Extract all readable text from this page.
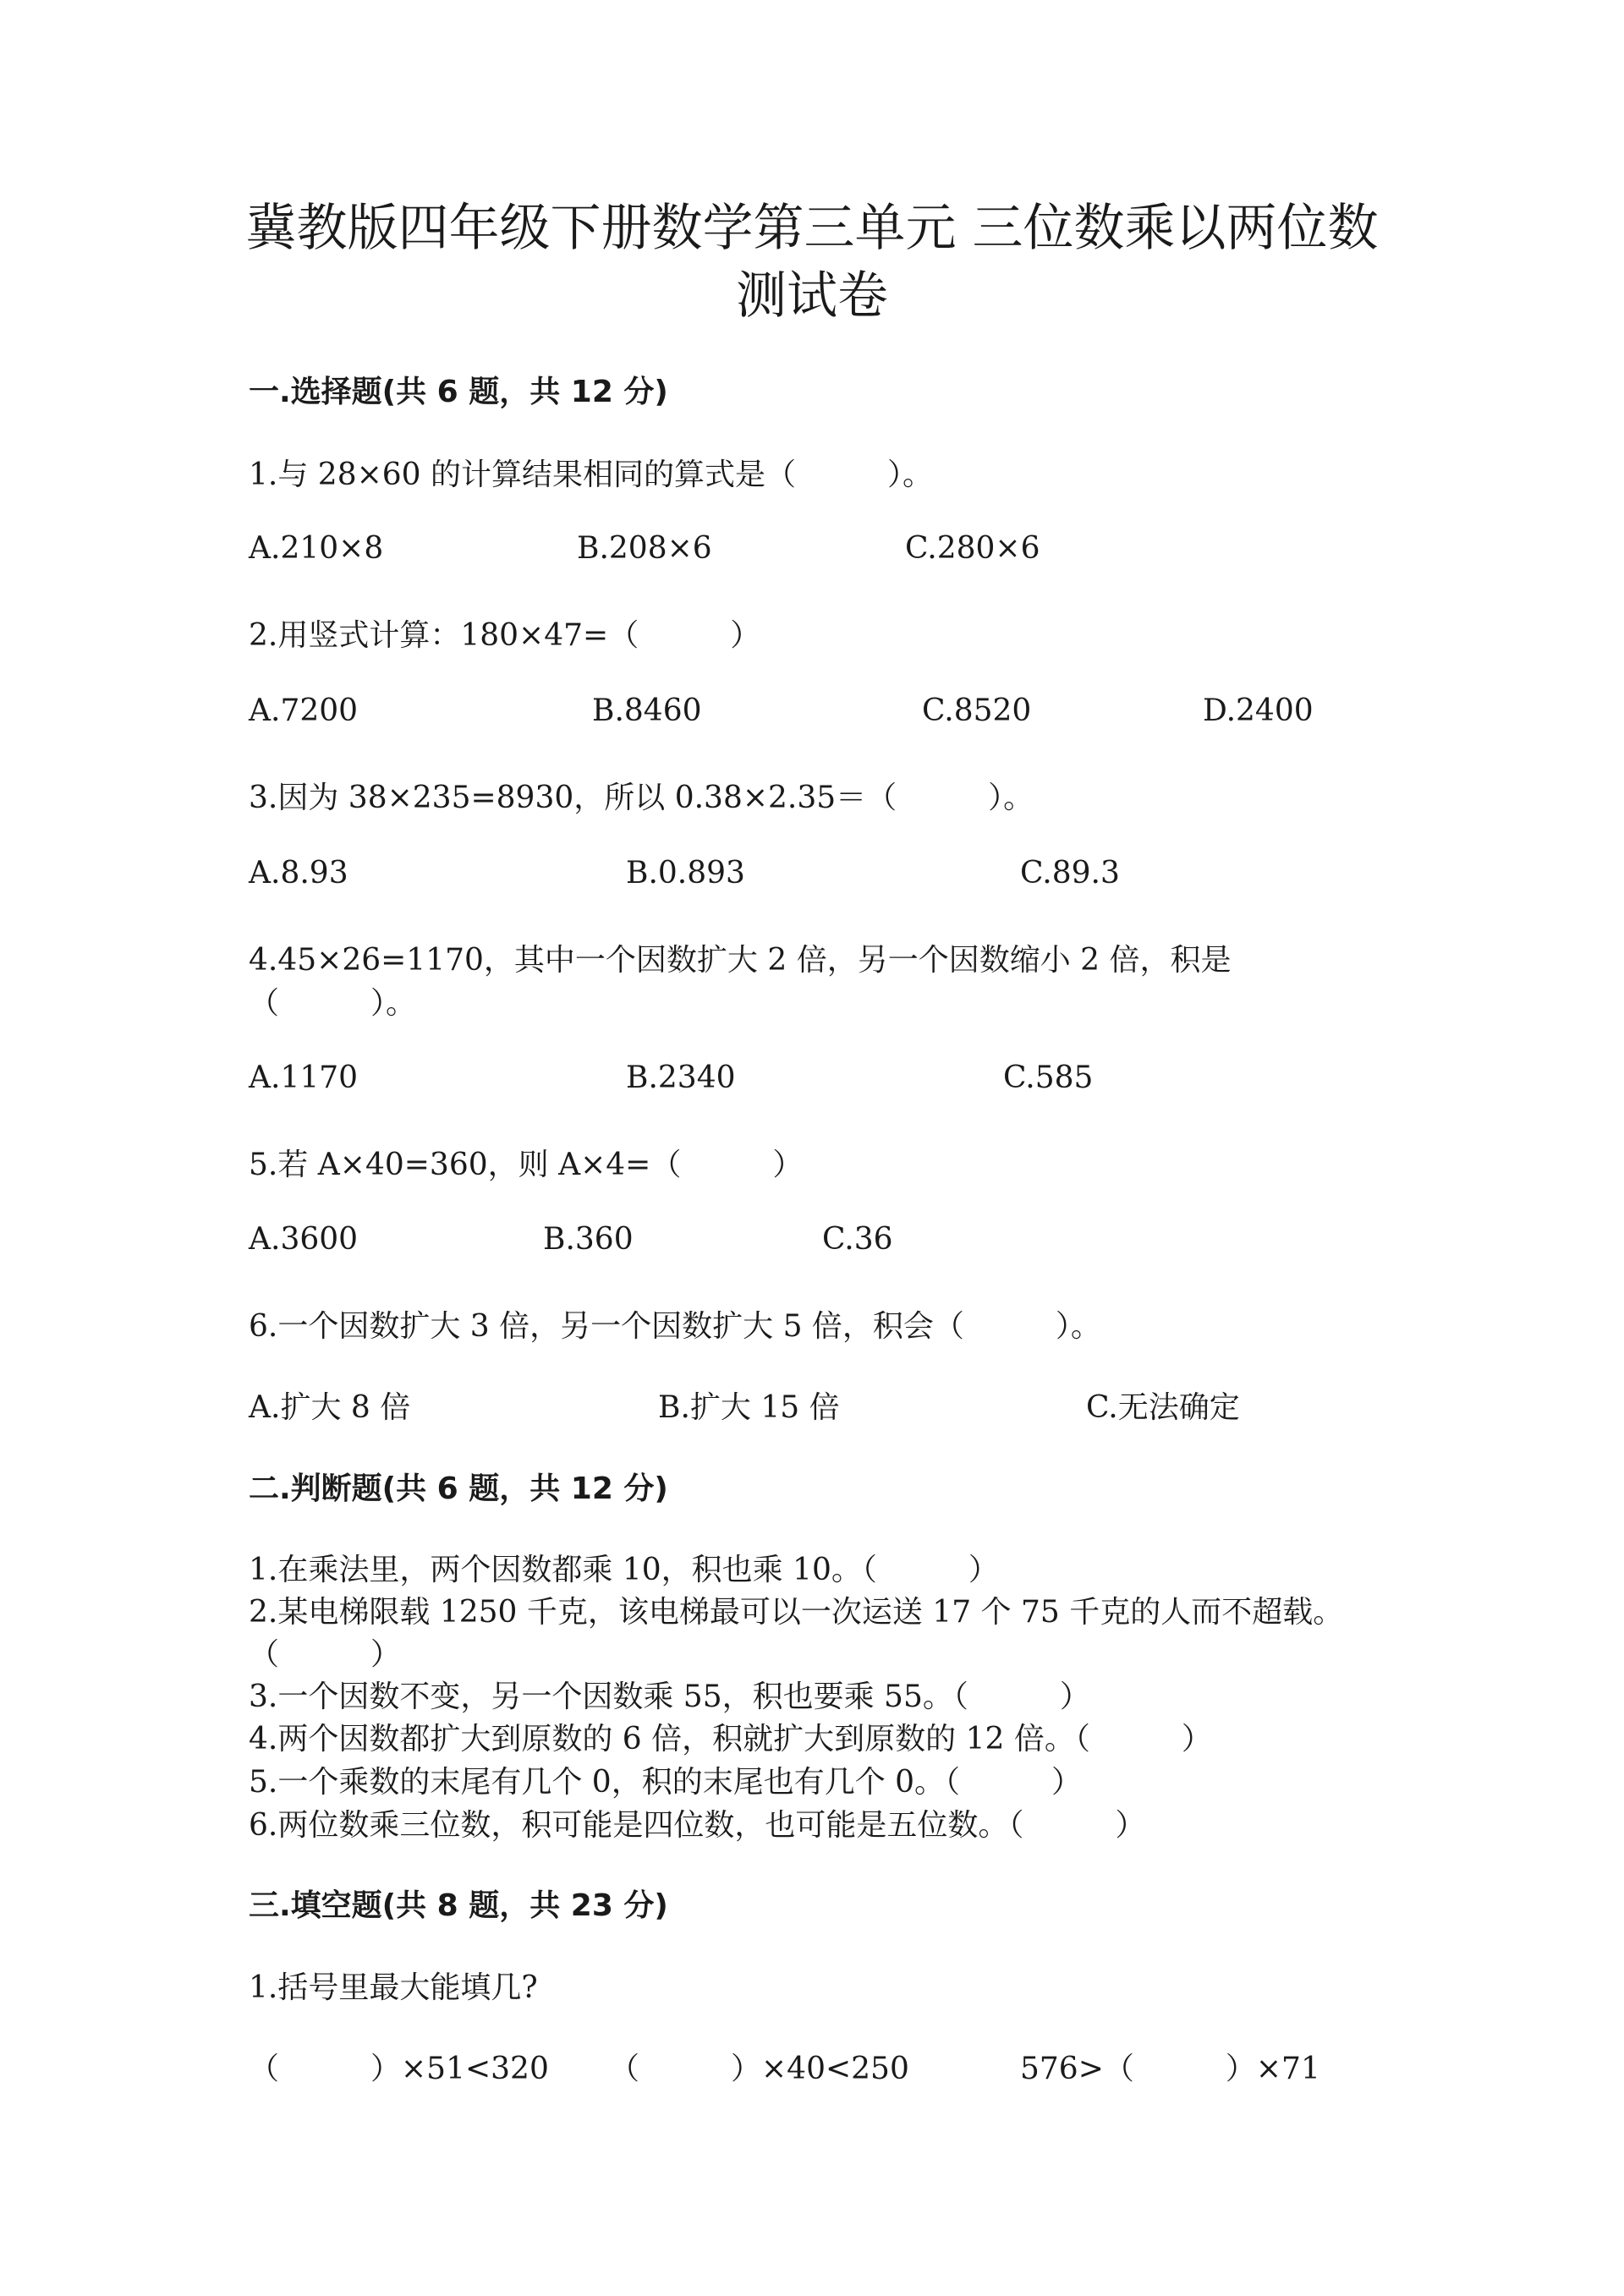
冀教版四年级下册数学第三单元 三位数乘以两位数
测试卷
一.选择题(共 6 题，共 12 分)
1.与 28×60 的计算结果相同的算式是（　　　）。
A.210×8	B.208×6	C.280×6
2.用竖式计算：180×47=（　　　）
A.7200	B.8460	C.8520	D.2400
3.因为 38×235=8930，所以 0.38×2.35＝（　　　）。
A.8.93	B.0.893	C.89.3
4.45×26=1170，其中一个因数扩大 2 倍，另一个因数缩小 2 倍，积是
（　　　）。
A.1170	B.2340	C.585
5.若 A×40=360，则 A×4=（　　　）
A.3600	B.360	C.36
6.一个因数扩大 3 倍，另一个因数扩大 5 倍，积会（　　　）。
A.扩大 8 倍	B.扩大 15 倍	C.无法确定
二.判断题(共 6 题，共 12 分)
1.在乘法里，两个因数都乘 10，积也乘 10。（　　　）
2.某电梯限载 1250 千克，该电梯最可以一次运送 17 个 75 千克的人而不超载。
（　　　）
3.一个因数不变，另一个因数乘 55，积也要乘 55。（　　　）
4.两个因数都扩大到原数的 6 倍，积就扩大到原数的 12 倍。（　　　）
5.一个乘数的末尾有几个 0，积的末尾也有几个 0。（　　　）
6.两位数乘三位数，积可能是四位数，也可能是五位数。（　　　）
三.填空题(共 8 题，共 23 分)
1.括号里最大能填几?
（　　　）×51<320 （　　　）×40<250	576>（　　　）×71
